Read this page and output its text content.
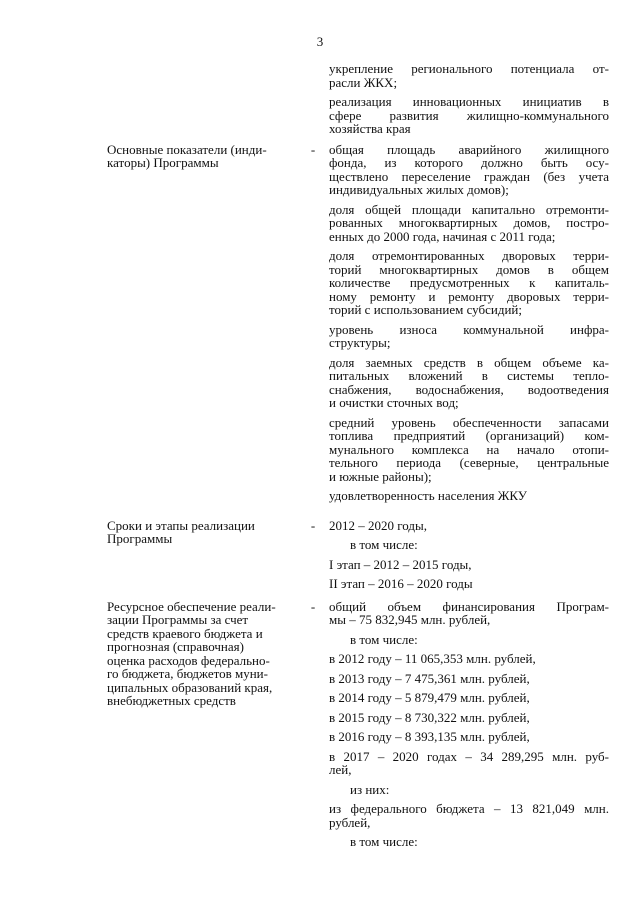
3
укрепление регионального потенциала от-
расли ЖКХ;
реализация инновационных инициатив в
сфере развития жилищно-коммунального
хозяйства края
Основные показатели (инди-
каторы) Программы
-	общая площадь аварийного жилищного
фонда, из которого должно быть осу-
ществлено переселение граждан (без учета
индивидуальных жилых домов);
доля общей площади капитально отремонти-
рованных многоквартирных домов, постро-
енных до 2000 года, начиная с 2011 года;
доля отремонтированных дворовых терри-
торий многоквартирных домов в общем
количестве предусмотренных к капиталь-
ному ремонту и ремонту дворовых терри-
торий с использованием субсидий;
уровень износа коммунальной инфра-
структуры;
доля заемных средств в общем объеме ка-
питальных вложений в системы тепло-
снабжения, водоснабжения, водоотведения
и очистки сточных вод;
средний уровень обеспеченности запасами
топлива предприятий (организаций) ком-
мунального комплекса на начало отопи-
тельного периода (северные, центральные
и южные районы);
удовлетворенность населения ЖКУ
Сроки и этапы реализации
Программы
-	2012 – 2020 годы,
в том числе:
I этап – 2012 – 2015 годы,
II этап – 2016 – 2020 годы
Ресурсное обеспечение реали-
зации Программы за счет
средств краевого бюджета и
прогнозная (справочная)
оценка расходов федерально-
го бюджета, бюджетов муни-
ципальных образований края,
внебюджетных средств
-	общий объем финансирования Програм-
мы – 75 832,945 млн. рублей,
в том числе:
в 2012 году – 11 065,353 млн. рублей,
в 2013 году – 7 475,361 млн. рублей,
в 2014 году – 5 879,479 млн. рублей,
в 2015 году – 8 730,322 млн. рублей,
в 2016 году – 8 393,135 млн. рублей,
в 2017 – 2020 годах – 34 289,295 млн. руб-
лей,
из них:
из федерального бюджета – 13 821,049 млн.
рублей,
в том числе:
